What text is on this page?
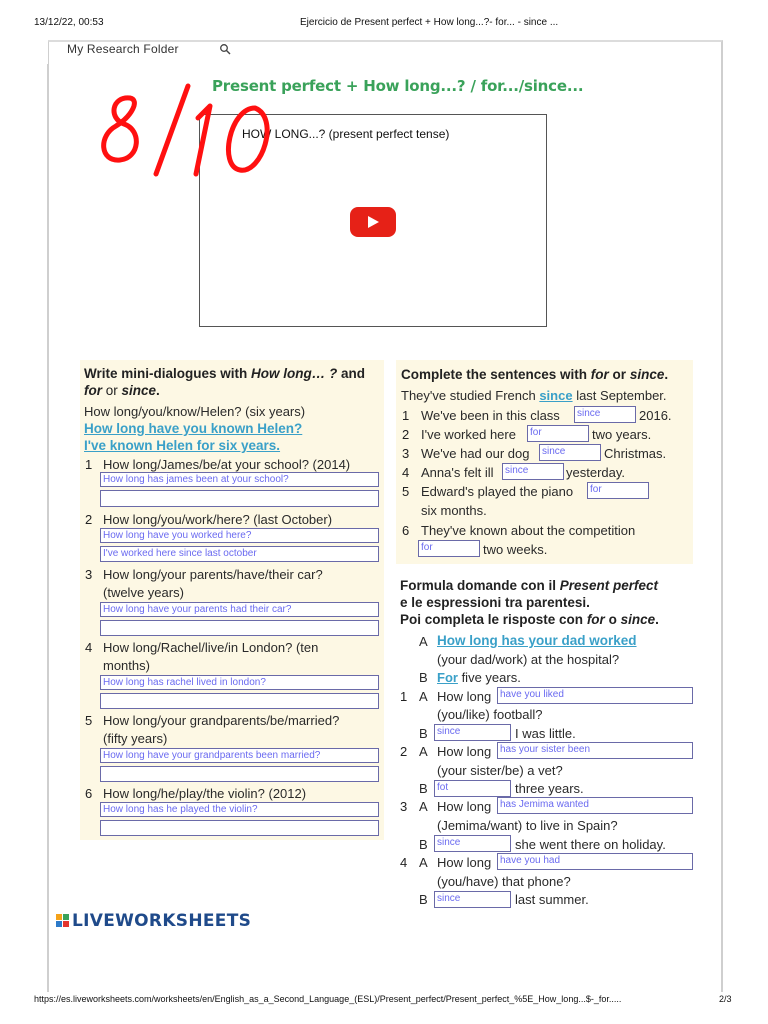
13/12/22, 00:53	Ejercicio de Present perfect + How long...?- for... - since ...
My Research Folder
Present perfect + How long...? / for.../since...
HOW LONG...? (present perfect tense)
Write mini-dialogues with How long… ? and
for or since.
How long/you/know/Helen? (six years)
How long have you known Helen?
I've known Helen for six years.
1 How long/James/be/at your school? (2014)
How long has james been at your school?
2 How long/you/work/here? (last October)
How long have you worked here?
I've worked here since last october
3 How long/your parents/have/their car?
(twelve years)
How long have your parents had their car?
4 How long/Rachel/live/in London? (ten
months)
How long has rachel lived in london?
5 How long/your grandparents/be/married?
(fifty years)
How long have your grandparents been married?
6 How long/he/play/the violin? (2012)
How long has he played the violin?
Complete the sentences with for or since.
They've studied French since last September.
1 We've been in this class	since	2016.
2 I've worked here	for	two years.
3 We've had our dog	since	Christmas.
4 Anna's felt ill	since	yesterday.
5 Edward's played the piano	for
six months.
6 They've known about the competition
for	two weeks.
Formula domande con il Present perfect
e le espressioni tra parentesi.
Poi completa le risposte con for o since.
A How long has your dad worked
(your dad/work) at the hospital?
B For five years.
1 A How long have you liked
(you/like) football?
B since	I was little.
2 A How long has your sister been
(your sister/be) a vet?
B fot	three years.
3 A How long has Jemima wanted
(Jemima/want) to live in Spain?
B since	she went there on holiday.
4 A How long have you had
(you/have) that phone?
B since	last summer.
LIVEWORKSHEETS
https://es.liveworksheets.com/worksheets/en/English_as_a_Second_Language_(ESL)/Present_perfect/Present_perfect_%5E_How_long...$-_for.....	2/3
